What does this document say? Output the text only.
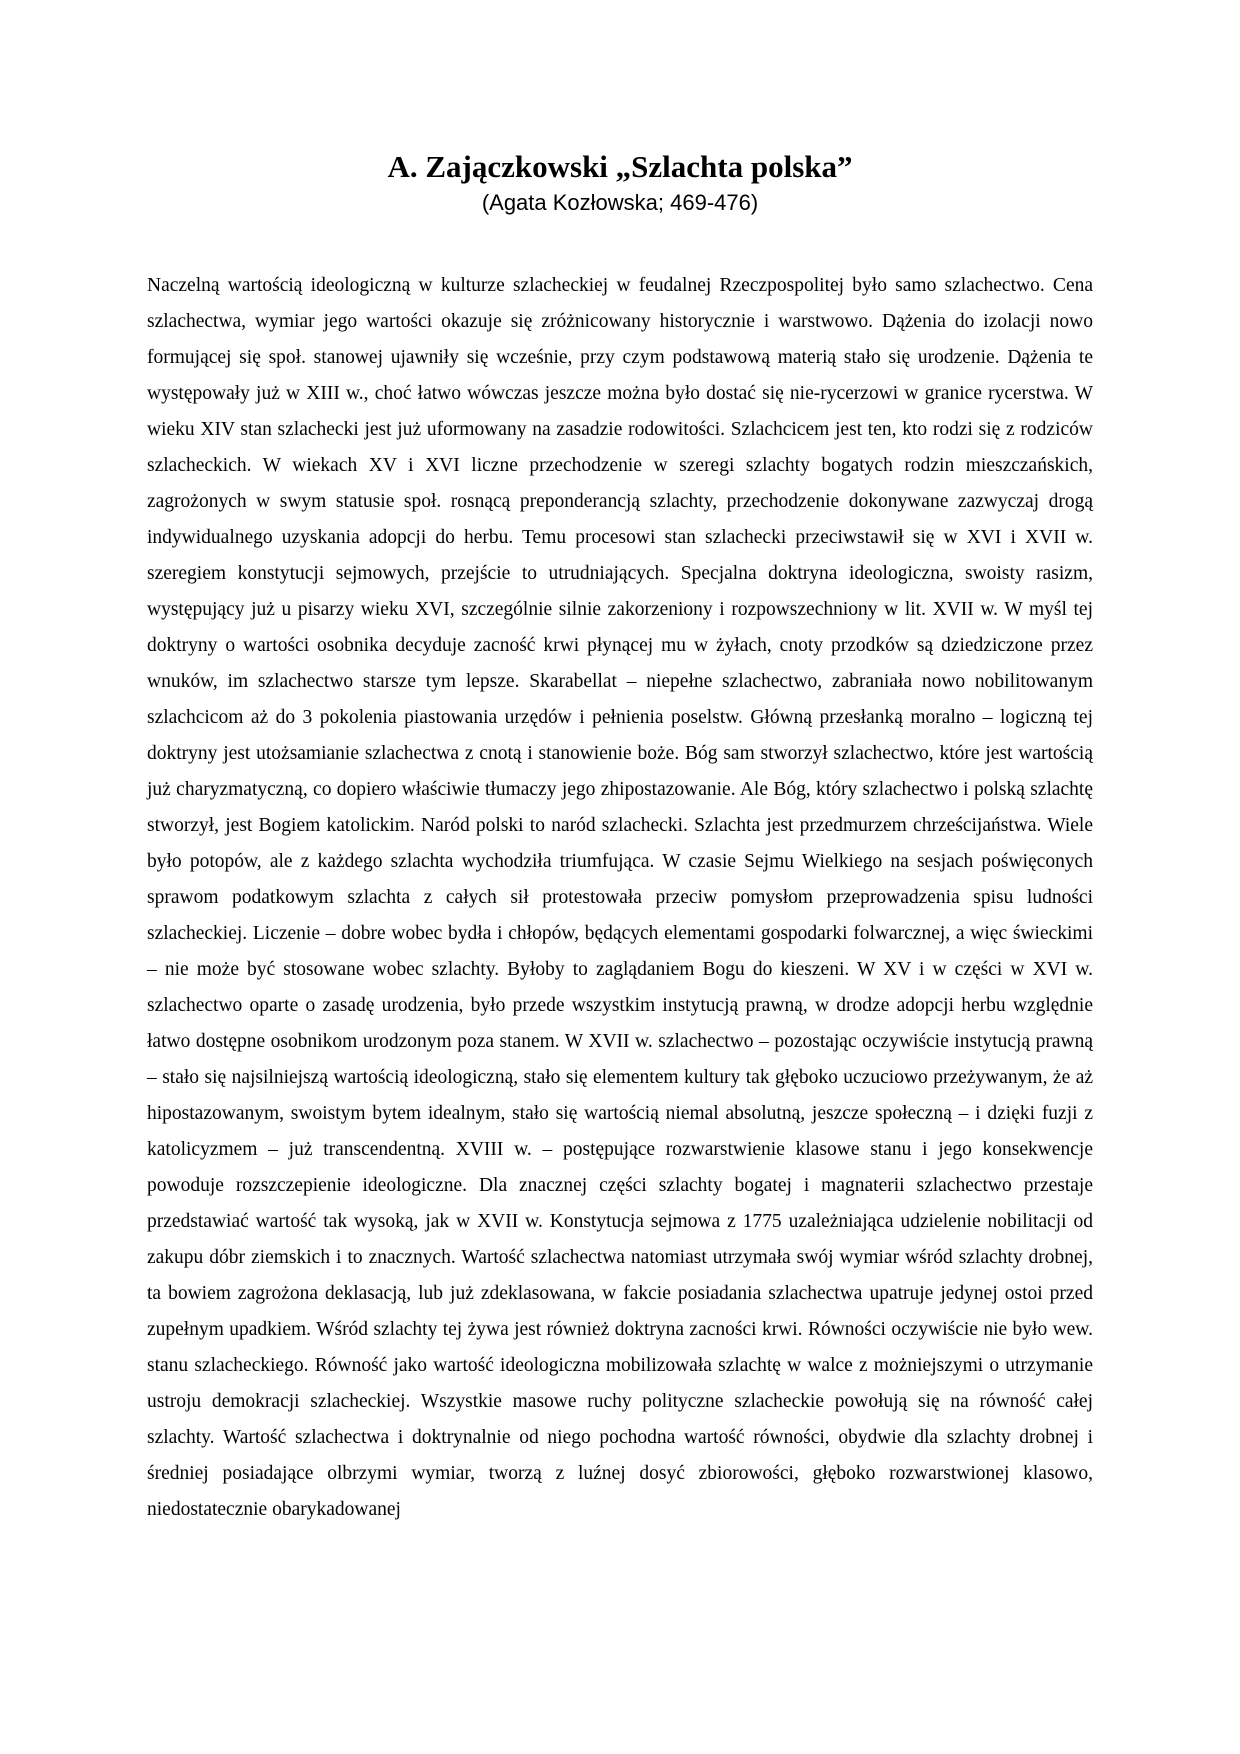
A. Zajączkowski „Szlachta polska”

(Agata Kozłowska; 469-476)

Naczelną wartością ideologiczną w kulturze szlacheckiej w feudalnej Rzeczpospolitej było samo szlachectwo. Cena szlachectwa, wymiar jego wartości okazuje się zróżnicowany historycznie i warstwowo. Dążenia do izolacji nowo formującej się społ. stanowej ujawniły się wcześnie, przy czym podstawową materią stało się urodzenie. Dążenia te występowały już w XIII w., choć łatwo wówczas jeszcze można było dostać się nie-rycerzowi w granice rycerstwa. W wieku XIV stan szlachecki jest już uformowany na zasadzie rodowitości. Szlachcicem jest ten, kto rodzi się z rodziców szlacheckich. W wiekach XV i XVI liczne przechodzenie w szeregi szlachty bogatych rodzin mieszczańskich, zagrożonych w swym statusie społ. rosnącą preponderancją szlachty, przechodzenie dokonywane zazwyczaj drogą indywidualnego uzyskania adopcji do herbu. Temu procesowi stan szlachecki przeciwstawił się w XVI i XVII w. szeregiem konstytucji sejmowych, przejście to utrudniających. Specjalna doktryna ideologiczna, swoisty rasizm, występujący już u pisarzy wieku XVI, szczególnie silnie zakorzeniony i rozpowszechniony w lit. XVII w. W myśl tej doktryny o wartości osobnika decyduje zacność krwi płynącej mu w żyłach, cnoty przodków są dziedziczone przez wnuków, im szlachectwo starsze tym lepsze. Skarabellat – niepełne szlachectwo, zabraniała nowo nobilitowanym szlachcicom aż do 3 pokolenia piastowania urzędów i pełnienia poselstw. Główną przesłanką moralno – logiczną tej doktryny jest utożsamianie szlachectwa z cnotą i stanowienie boże. Bóg sam stworzył szlachectwo, które jest wartością już charyzmatyczną, co dopiero właściwie tłumaczy jego zhipostazowanie. Ale Bóg, który szlachectwo i polską szlachtę stworzył, jest Bogiem katolickim. Naród polski to naród szlachecki. Szlachta jest przedmurzem chrześcijaństwa. Wiele było potopów, ale z każdego szlachta wychodziła triumfująca. W czasie Sejmu Wielkiego na sesjach poświęconych sprawom podatkowym szlachta z całych sił protestowała przeciw pomysłom przeprowadzenia spisu ludności szlacheckiej. Liczenie – dobre wobec bydła i chłopów, będących elementami gospodarki folwarcznej, a więc świeckimi – nie może być stosowane wobec szlachty. Byłoby to zaglądaniem Bogu do kieszeni. W XV i w części w XVI w. szlachectwo oparte o zasadę urodzenia, było przede wszystkim instytucją prawną, w drodze adopcji herbu względnie łatwo dostępne osobnikom urodzonym poza stanem. W XVII w. szlachectwo – pozostając oczywiście instytucją prawną – stało się najsilniejszą wartością ideologiczną, stało się elementem kultury tak głęboko uczuciowo przeżywanym, że aż hipostazowanym, swoistym bytem idealnym, stało się wartością niemal absolutną, jeszcze społeczną – i dzięki fuzji z katolicyzmem – już transcendentną. XVIII w. – postępujące rozwarstwienie klasowe stanu i jego konsekwencje powoduje rozszczepienie ideologiczne. Dla znacznej części szlachty bogatej i magnaterii szlachectwo przestaje przedstawiać wartość tak wysoką, jak w XVII w. Konstytucja sejmowa z 1775 uzależniająca udzielenie nobilitacji od zakupu dóbr ziemskich i to znacznych. Wartość szlachectwa natomiast utrzymała swój wymiar wśród szlachty drobnej, ta bowiem zagrożona deklasacją, lub już zdeklasowana, w fakcie posiadania szlachectwa upatruje jedynej ostoi przed zupełnym upadkiem. Wśród szlachty tej żywa jest również doktryna zacności krwi. Równości oczywiście nie było wew. stanu szlacheckiego. Równość jako wartość ideologiczna mobilizowała szlachtę w walce z możniejszymi o utrzymanie ustroju demokracji szlacheckiej. Wszystkie masowe ruchy polityczne szlacheckie powołują się na równość całej szlachty. Wartość szlachectwa i doktrynalnie od niego pochodna wartość równości, obydwie dla szlachty drobnej i średniej posiadające olbrzymi wymiar, tworzą z luźnej dosyć zbiorowości, głęboko rozwarstwionej klasowo, niedostatecznie obarykadowanej
